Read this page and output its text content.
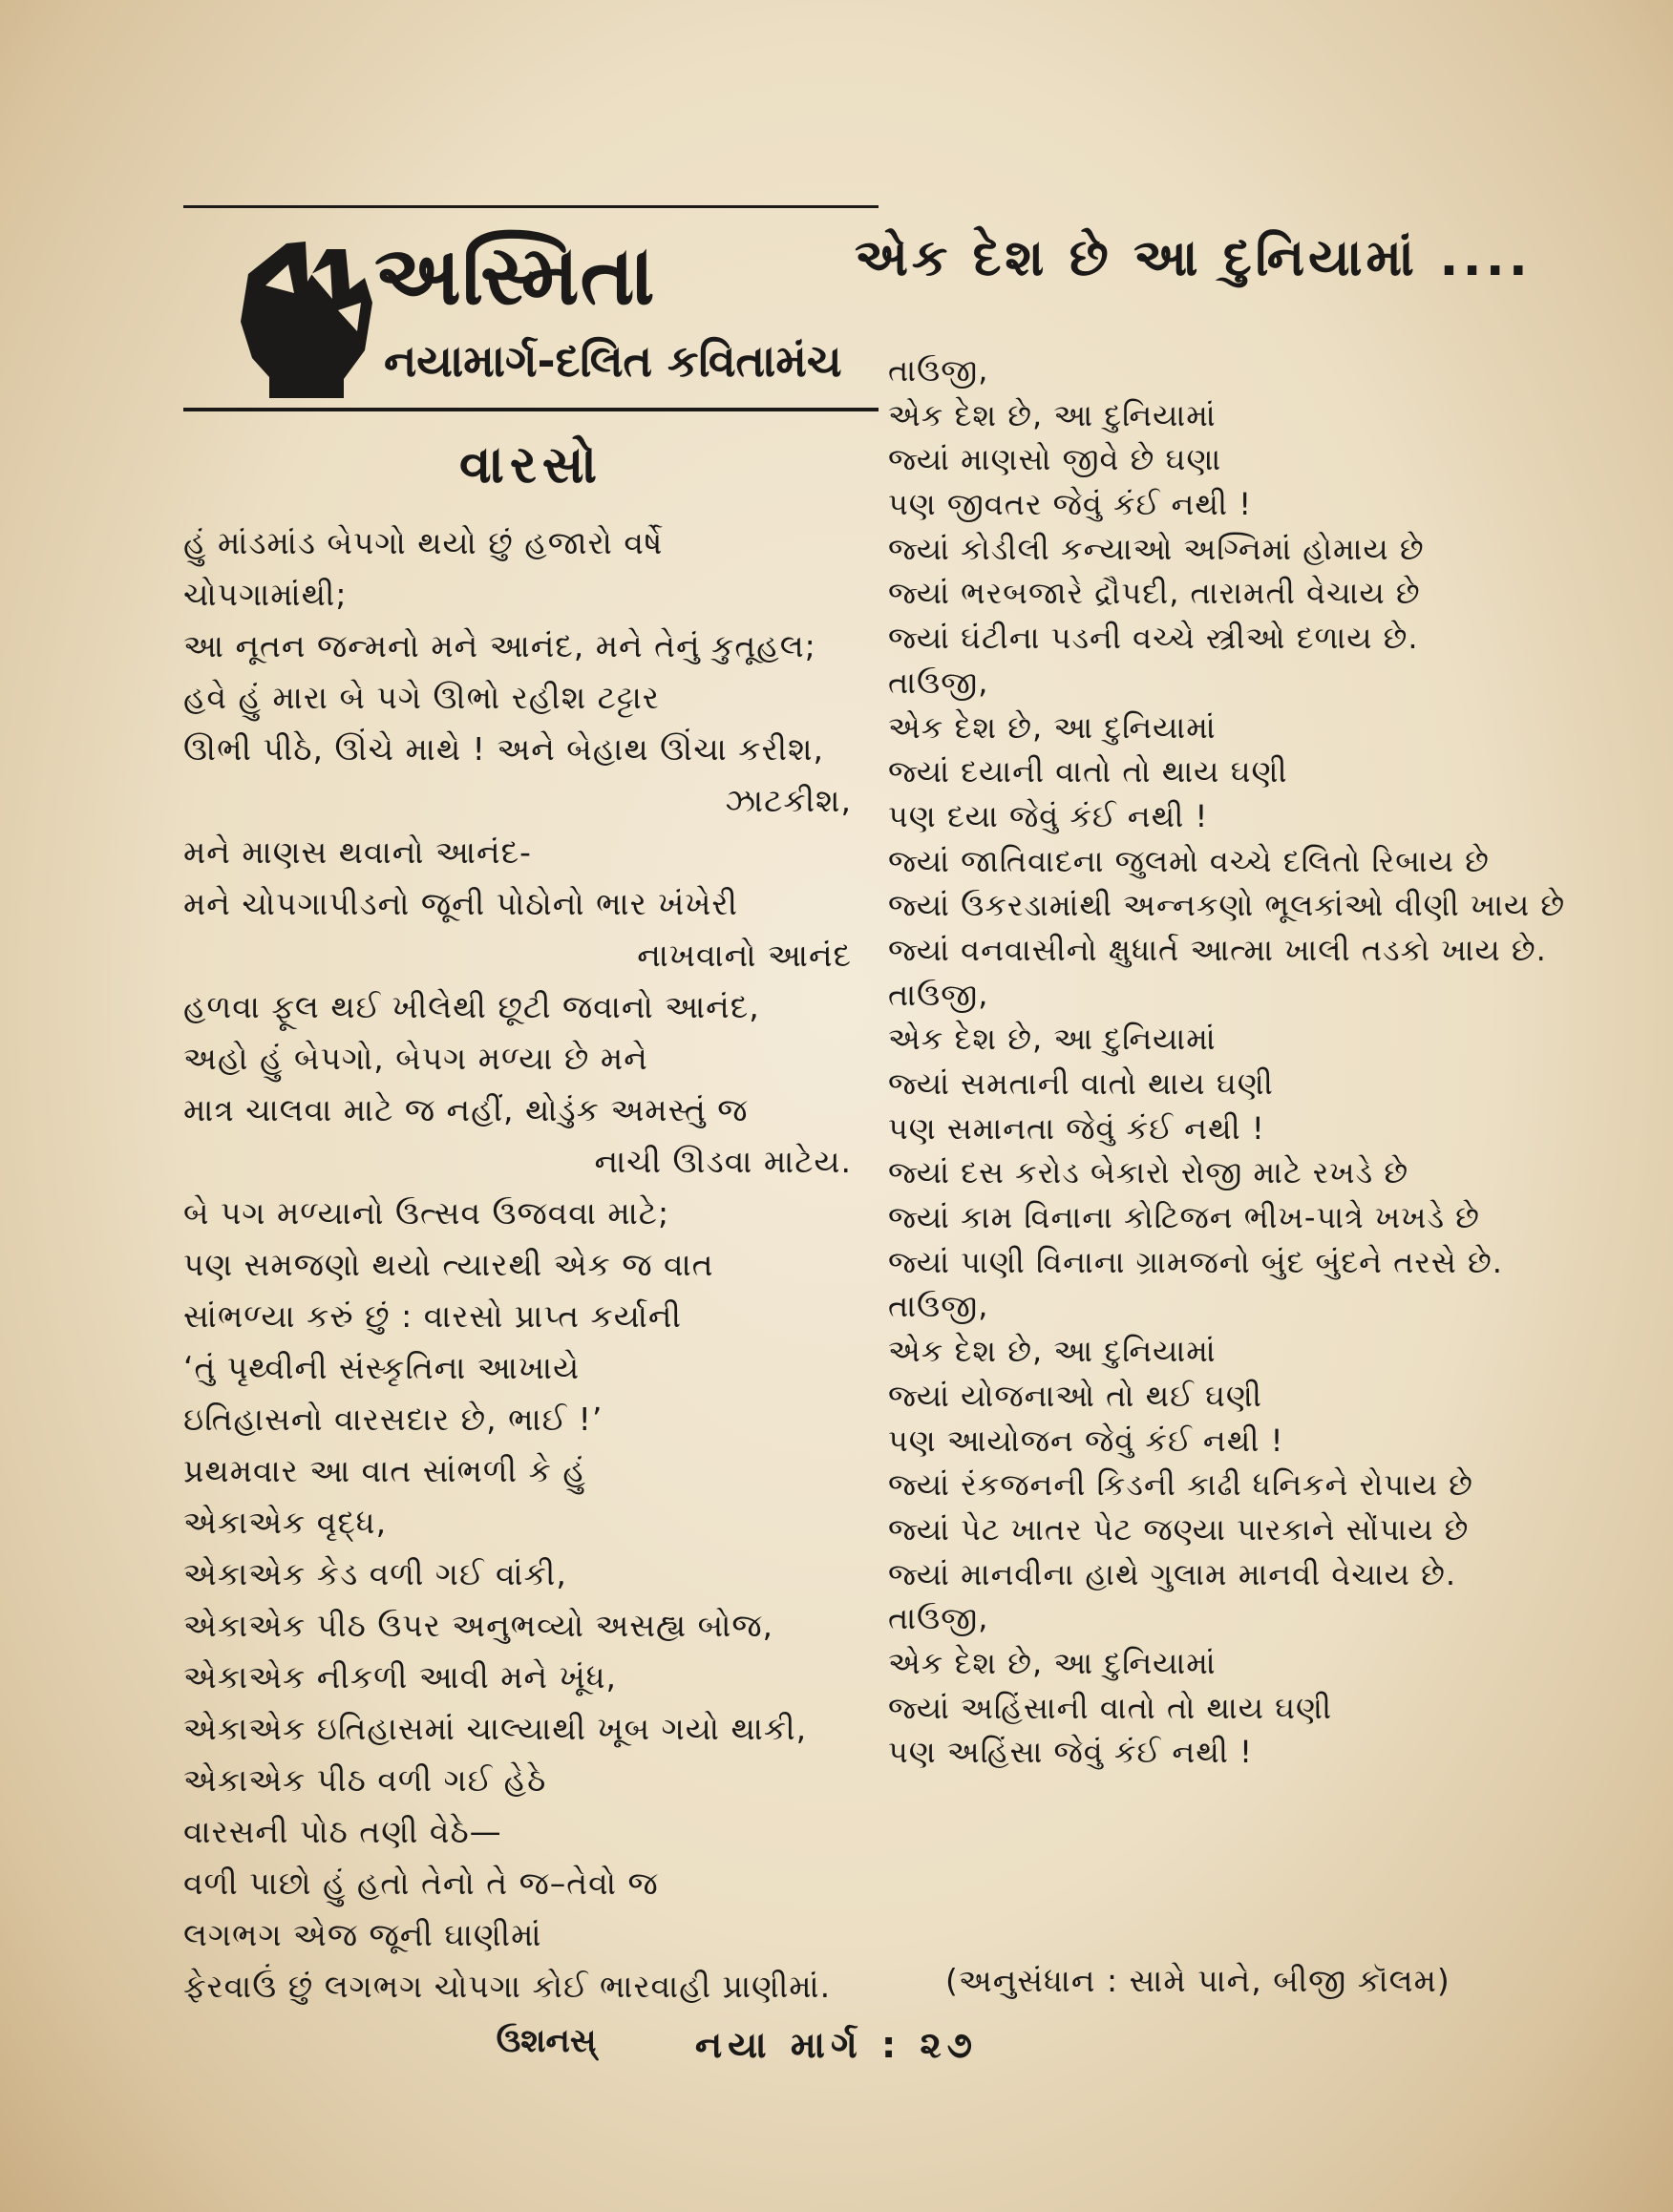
અસ્મિતા
નયામાર્ગ-દલિત કવિતામંચ
વારસો
હું માંડમાંડ બેપગો થયો છું હજારો વર્ષે
ચોપગામાંથી;
આ નૂતન જન્મનો મને આનંદ, મને તેનું કુતૂહલ;
હવે હું મારા બે પગે ઊભો રહીશ ટટ્ટાર
ઊભી પીઠે, ઊંચે માથે ! અને બેહાથ ઊંચા કરીશ,
ઝાટકીશ,
મને માણસ થવાનો આનંદ-
મને ચોપગાપીડનો જૂની પોઠોનો ભાર ખંખેરી
નાખવાનો આનંદ
હળવા ફૂલ થઈ ખીલેથી છૂટી જવાનો આનંદ,
અહો હું બેપગો, બેપગ મળ્યા છે મને
માત્ર ચાલવા માટે જ નહીં, થોડુંક અમસ્તું જ
નાચી ઊડવા માટેય.
બે પગ મળ્યાનો ઉત્સવ ઉજવવા માટે;
પણ સમજણો થયો ત્યારથી એક જ વાત
સાંભળ્યા કરું છું : વારસો પ્રાપ્ત કર્યાની
‘તું પૃથ્વીની સંસ્કૃતિના આખાયે
ઇતિહાસનો વારસદાર છે, ભાઈ !’
પ્રથમવાર આ વાત સાંભળી કે હું
એકાએક વૃદ્ધ,
એકાએક કેડ વળી ગઈ વાંકી,
એકાએક પીઠ ઉપર અનુભવ્યો અસહ્ય બોજ,
એકાએક નીકળી આવી મને ખૂંધ,
એકાએક ઇતિહાસમાં ચાલ્યાથી ખૂબ ગયો થાકી,
એકાએક પીઠ વળી ગઈ હેઠે
વારસની પોઠ તણી વેઠે—
વળી પાછો હું હતો તેનો તે જ–તેવો જ
લગભગ એજ જૂની ઘાણીમાં
ફેરવાઉં છું લગભગ ચોપગા કોઈ ભારવાહી પ્રાણીમાં.
ઉશનસ્
એક દેશ છે આ દુનિયામાં ....
તાઉજી,
એક દેશ છે, આ દુનિયામાં
જ્યાં માણસો જીવે છે ઘણા
પણ જીવતર જેવું કંઈ નથી !
જ્યાં કોડીલી કન્યાઓ અગ્નિમાં હોમાય છે
જ્યાં ભરબજારે દ્રૌપદી, તારામતી વેચાય છે
જ્યાં ઘંટીના પડની વચ્ચે સ્ત્રીઓ દળાય છે.
તાઉજી,
એક દેશ છે, આ દુનિયામાં
જ્યાં દયાની વાતો તો થાય ઘણી
પણ દયા જેવું કંઈ નથી !
જ્યાં જાતિવાદના જુલમો વચ્ચે દલિતો રિબાય છે
જ્યાં ઉકરડામાંથી અન્નકણો ભૂલકાંઓ વીણી ખાય છે
જ્યાં વનવાસીનો ક્ષુધાર્ત આત્મા ખાલી તડકો ખાય છે.
તાઉજી,
એક દેશ છે, આ દુનિયામાં
જ્યાં સમતાની વાતો થાય ઘણી
પણ સમાનતા જેવું કંઈ નથી !
જ્યાં દસ કરોડ બેકારો રોજી માટે રખડે છે
જ્યાં કામ વિનાના કોટિજન ભીખ-પાત્રે ખખડે છે
જ્યાં પાણી વિનાના ગ્રામજનો બુંદ બુંદને તરસે છે.
તાઉજી,
એક દેશ છે, આ દુનિયામાં
જ્યાં યોજનાઓ તો થઈ ઘણી
પણ આયોજન જેવું કંઈ નથી !
જ્યાં રંકજનની કિડની કાઢી ધનિકને રોપાય છે
જ્યાં પેટ ખાતર પેટ જણ્યા પારકાને સોંપાય છે
જ્યાં માનવીના હાથે ગુલામ માનવી વેચાય છે.
તાઉજી,
એક દેશ છે, આ દુનિયામાં
જ્યાં અહિંસાની વાતો તો થાય ઘણી
પણ અહિંસા જેવું કંઈ નથી !
(અનુસંધાન : સામે પાને, બીજી કૉલમ)
નયા માર્ગ : ૨૭
